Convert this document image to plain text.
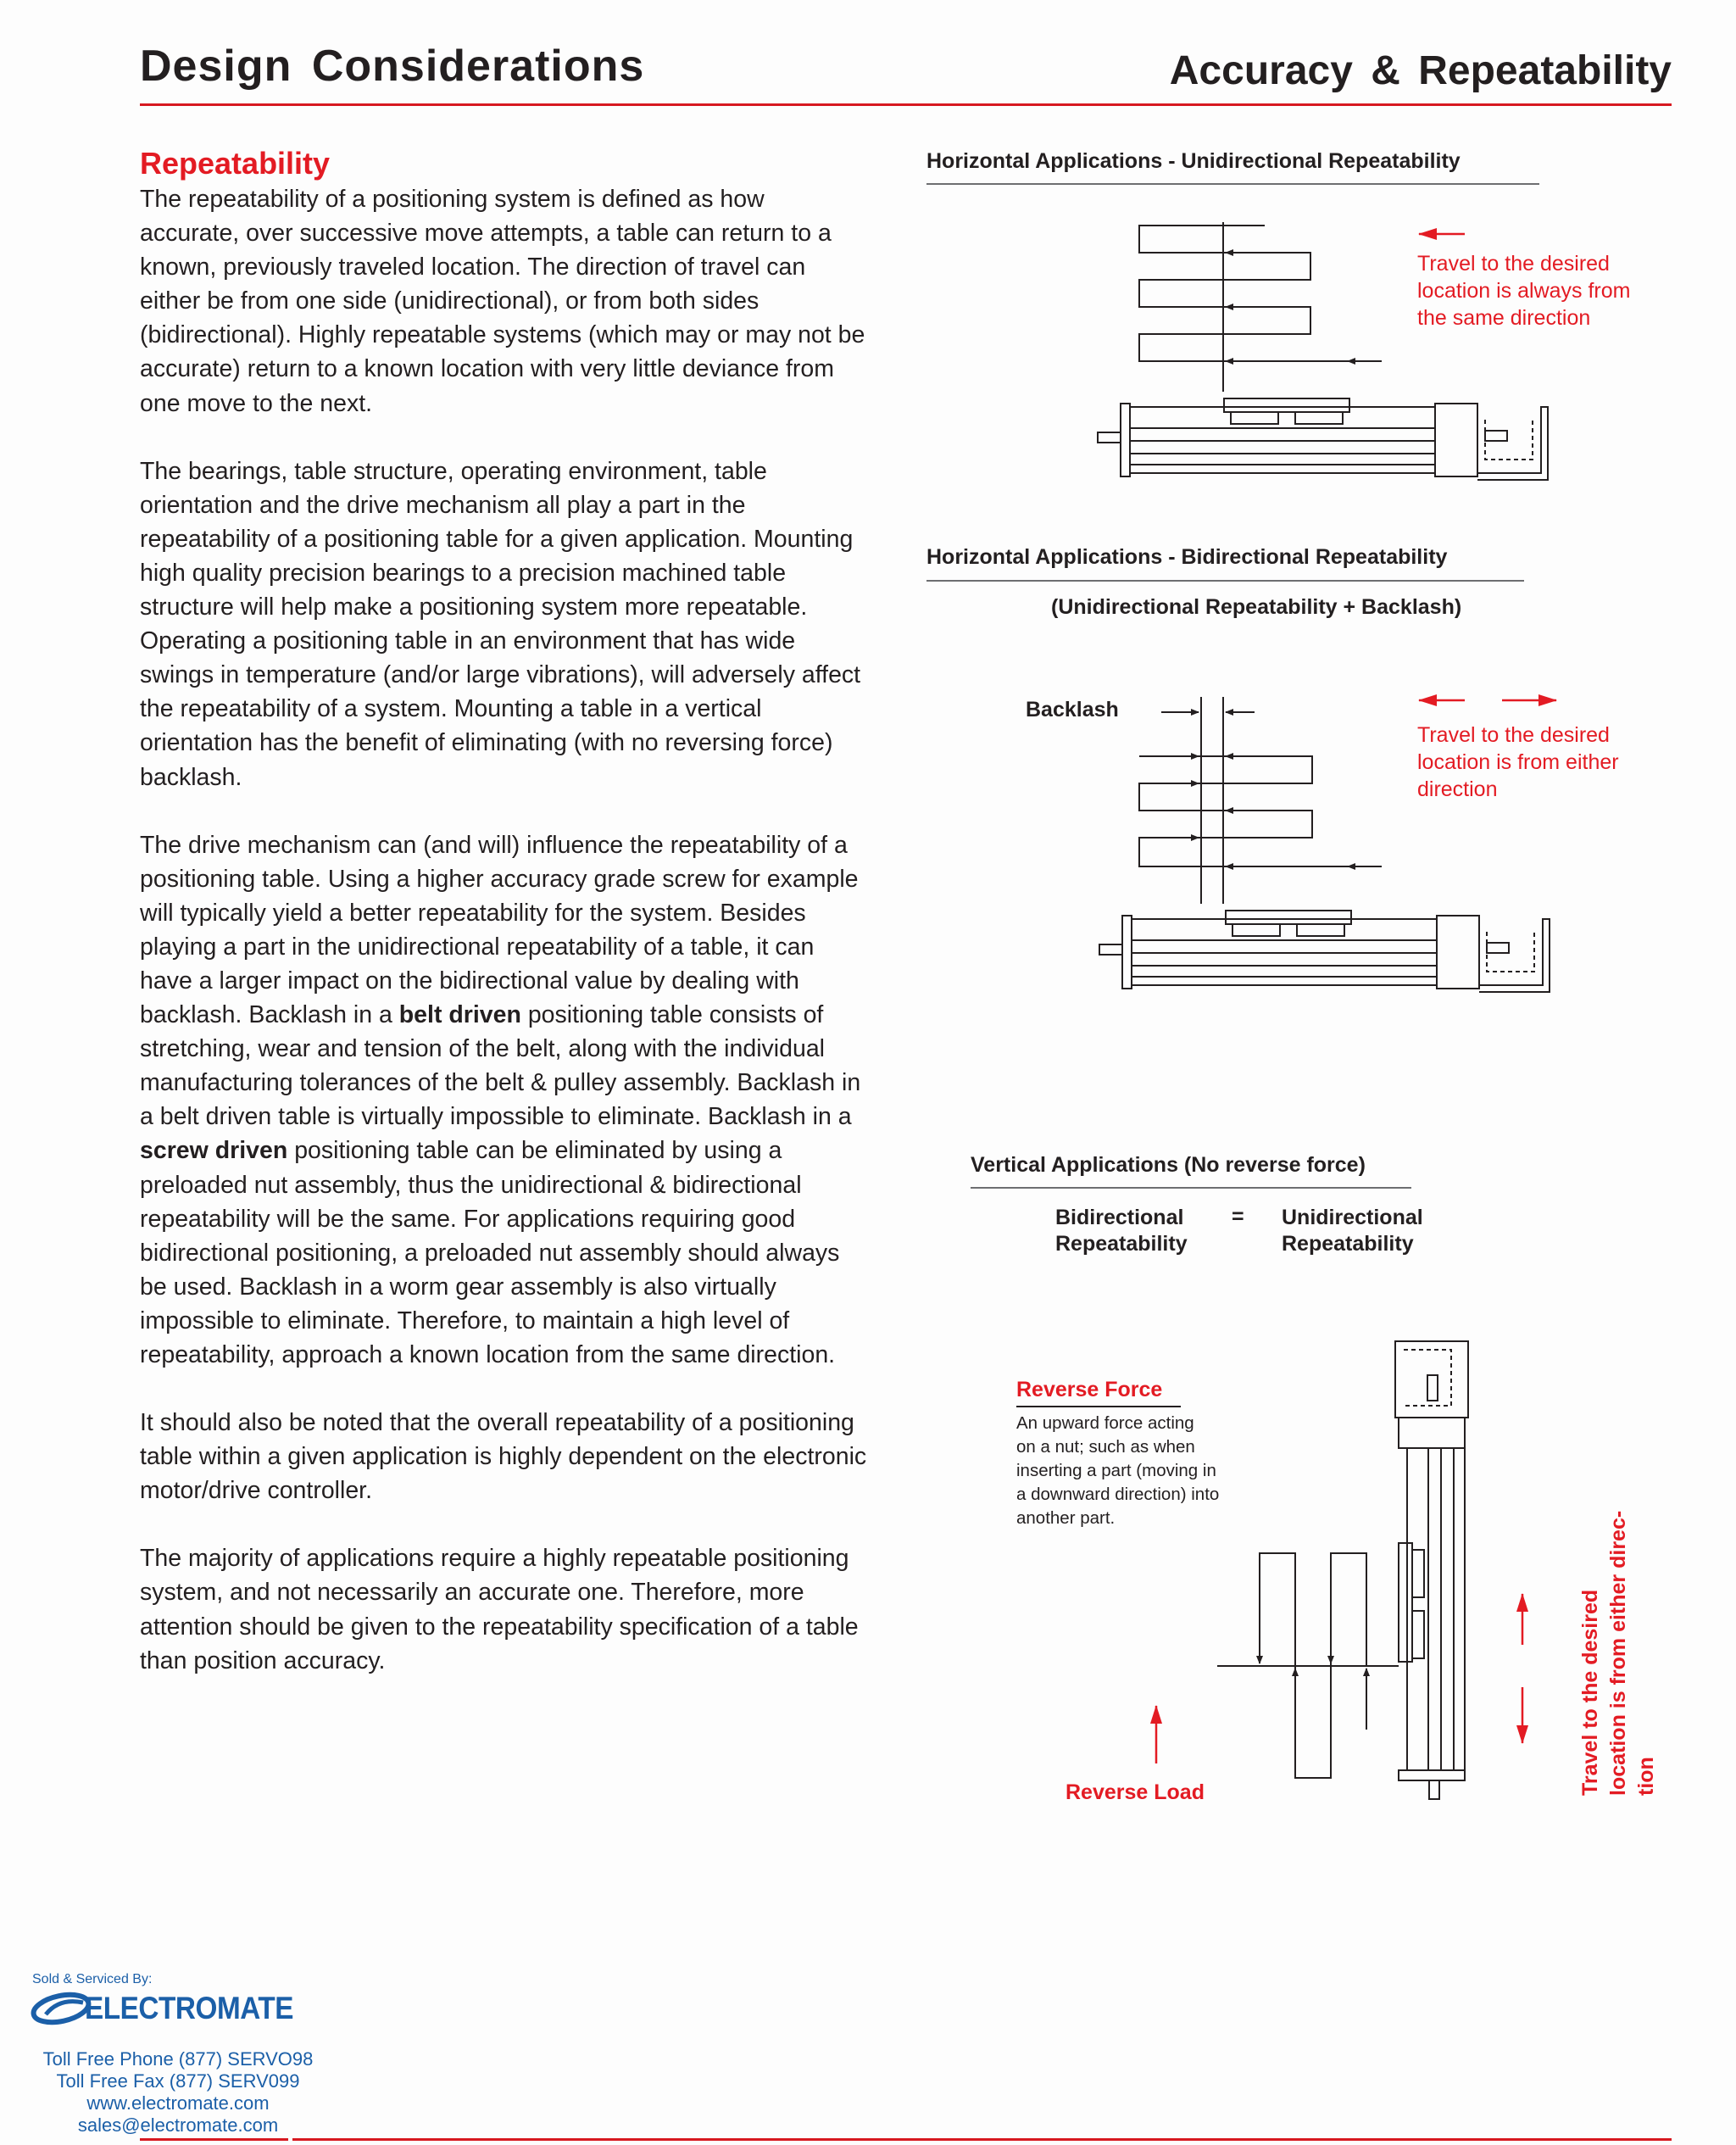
Design Considerations	Accuracy & Repeatability
Repeatability

The repeatability of a positioning system is defined as how accurate, over successive move attempts, a table can return to a known, previously traveled location. The direction of travel can either be from one side (unidirectional), or from both sides (bidirectional). Highly repeatable systems (which may or may not be accurate) return to a known location with very little deviance from one move to the next.

The bearings, table structure, operating environment, table orientation and the drive mechanism all play a part in the repeatability of a positioning table for a given application. Mounting high quality precision bearings to a precision machined table structure will help make a positioning system more repeatable. Operating a positioning table in an environment that has wide swings in temperature (and/or large vibrations), will adversely affect the repeatability of a system. Mounting a table in a vertical orientation has the benefit of eliminating (with no reversing force) backlash.

The drive mechanism can (and will) influence the repeatability of a positioning table. Using a higher accuracy grade screw for example will typically yield a better repeatability for the system. Besides playing a part in the unidirectional repeatability of a table, it can have a larger impact on the bidirectional value by dealing with backlash. Backlash in a belt driven positioning table consists of stretching, wear and tension of the belt, along with the individual manufacturing tolerances of the belt & pulley assembly. Backlash in a belt driven table is virtually impossible to eliminate. Backlash in a screw driven positioning table can be eliminated by using a preloaded nut assembly, thus the unidirectional & bidirectional repeatability will be the same. For applications requiring good bidirectional positioning, a preloaded nut assembly should always be used. Backlash in a worm gear assembly is also virtually impossible to eliminate. Therefore, to maintain a high level of repeatability, approach a known location from the same direction.

It should also be noted that the overall repeatability of a positioning table within a given application is highly dependent on the electronic motor/drive controller.

The majority of applications require a highly repeatable positioning system, and not necessarily an accurate one. Therefore, more attention should be given to the repeatability specification of a table than position accuracy.

Horizontal Applications - Unidirectional Repeatability
Travel to the desired
location is always from
the same direction
Horizontal Applications - Bidirectional Repeatability
(Unidirectional Repeatability + Backlash)
Backlash
Travel to the desired
location is from either
direction
Vertical Applications (No reverse force)
Bidirectional
Repeatability
= Unidirectional
Repeatability
Reverse Force
An upward force acting
on a nut; such as when
inserting a part (moving in
a downward direction) into
another part.
Reverse Load	Travel to the desired location is from either direc- tion
Sold & Serviced By:
ELECTROMATE
Toll Free Phone (877) SERVO98
Toll Free Fax (877) SERV099
www.electromate.com
sales@electromate.com
